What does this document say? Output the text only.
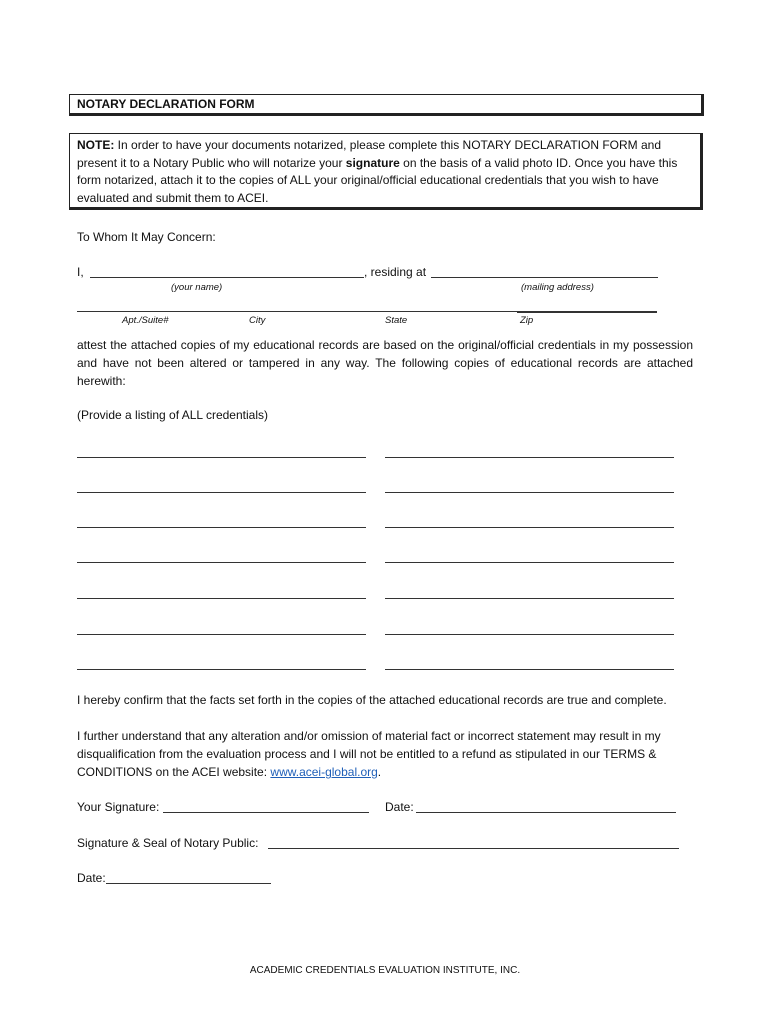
NOTARY DECLARATION FORM
NOTE: In order to have your documents notarized, please complete this NOTARY DECLARATION FORM and present it to a Notary Public who will notarize your signature on the basis of a valid photo ID. Once you have this form notarized, attach it to the copies of ALL your original/official educational credentials that you wish to have evaluated and submit them to ACEI.
To Whom It May Concern:
I,	, residing at
(your name)	(mailing address)
Apt./Suite#	City	State	Zip
attest the attached copies of my educational records are based on the original/official credentials in my possession and have not been altered or tampered in any way. The following copies of educational records are attached herewith:
(Provide a listing of ALL credentials)
I hereby confirm that the facts set forth in the copies of the attached educational records are true and complete.
I further understand that any alteration and/or omission of material fact or incorrect statement may result in my disqualification from the evaluation process and I will not be entitled to a refund as stipulated in our TERMS & CONDITIONS on the ACEI website: www.acei-global.org.
Your Signature:	Date:
Signature & Seal of Notary Public:
Date:
ACADEMIC CREDENTIALS EVALUATION INSTITUTE, INC.
